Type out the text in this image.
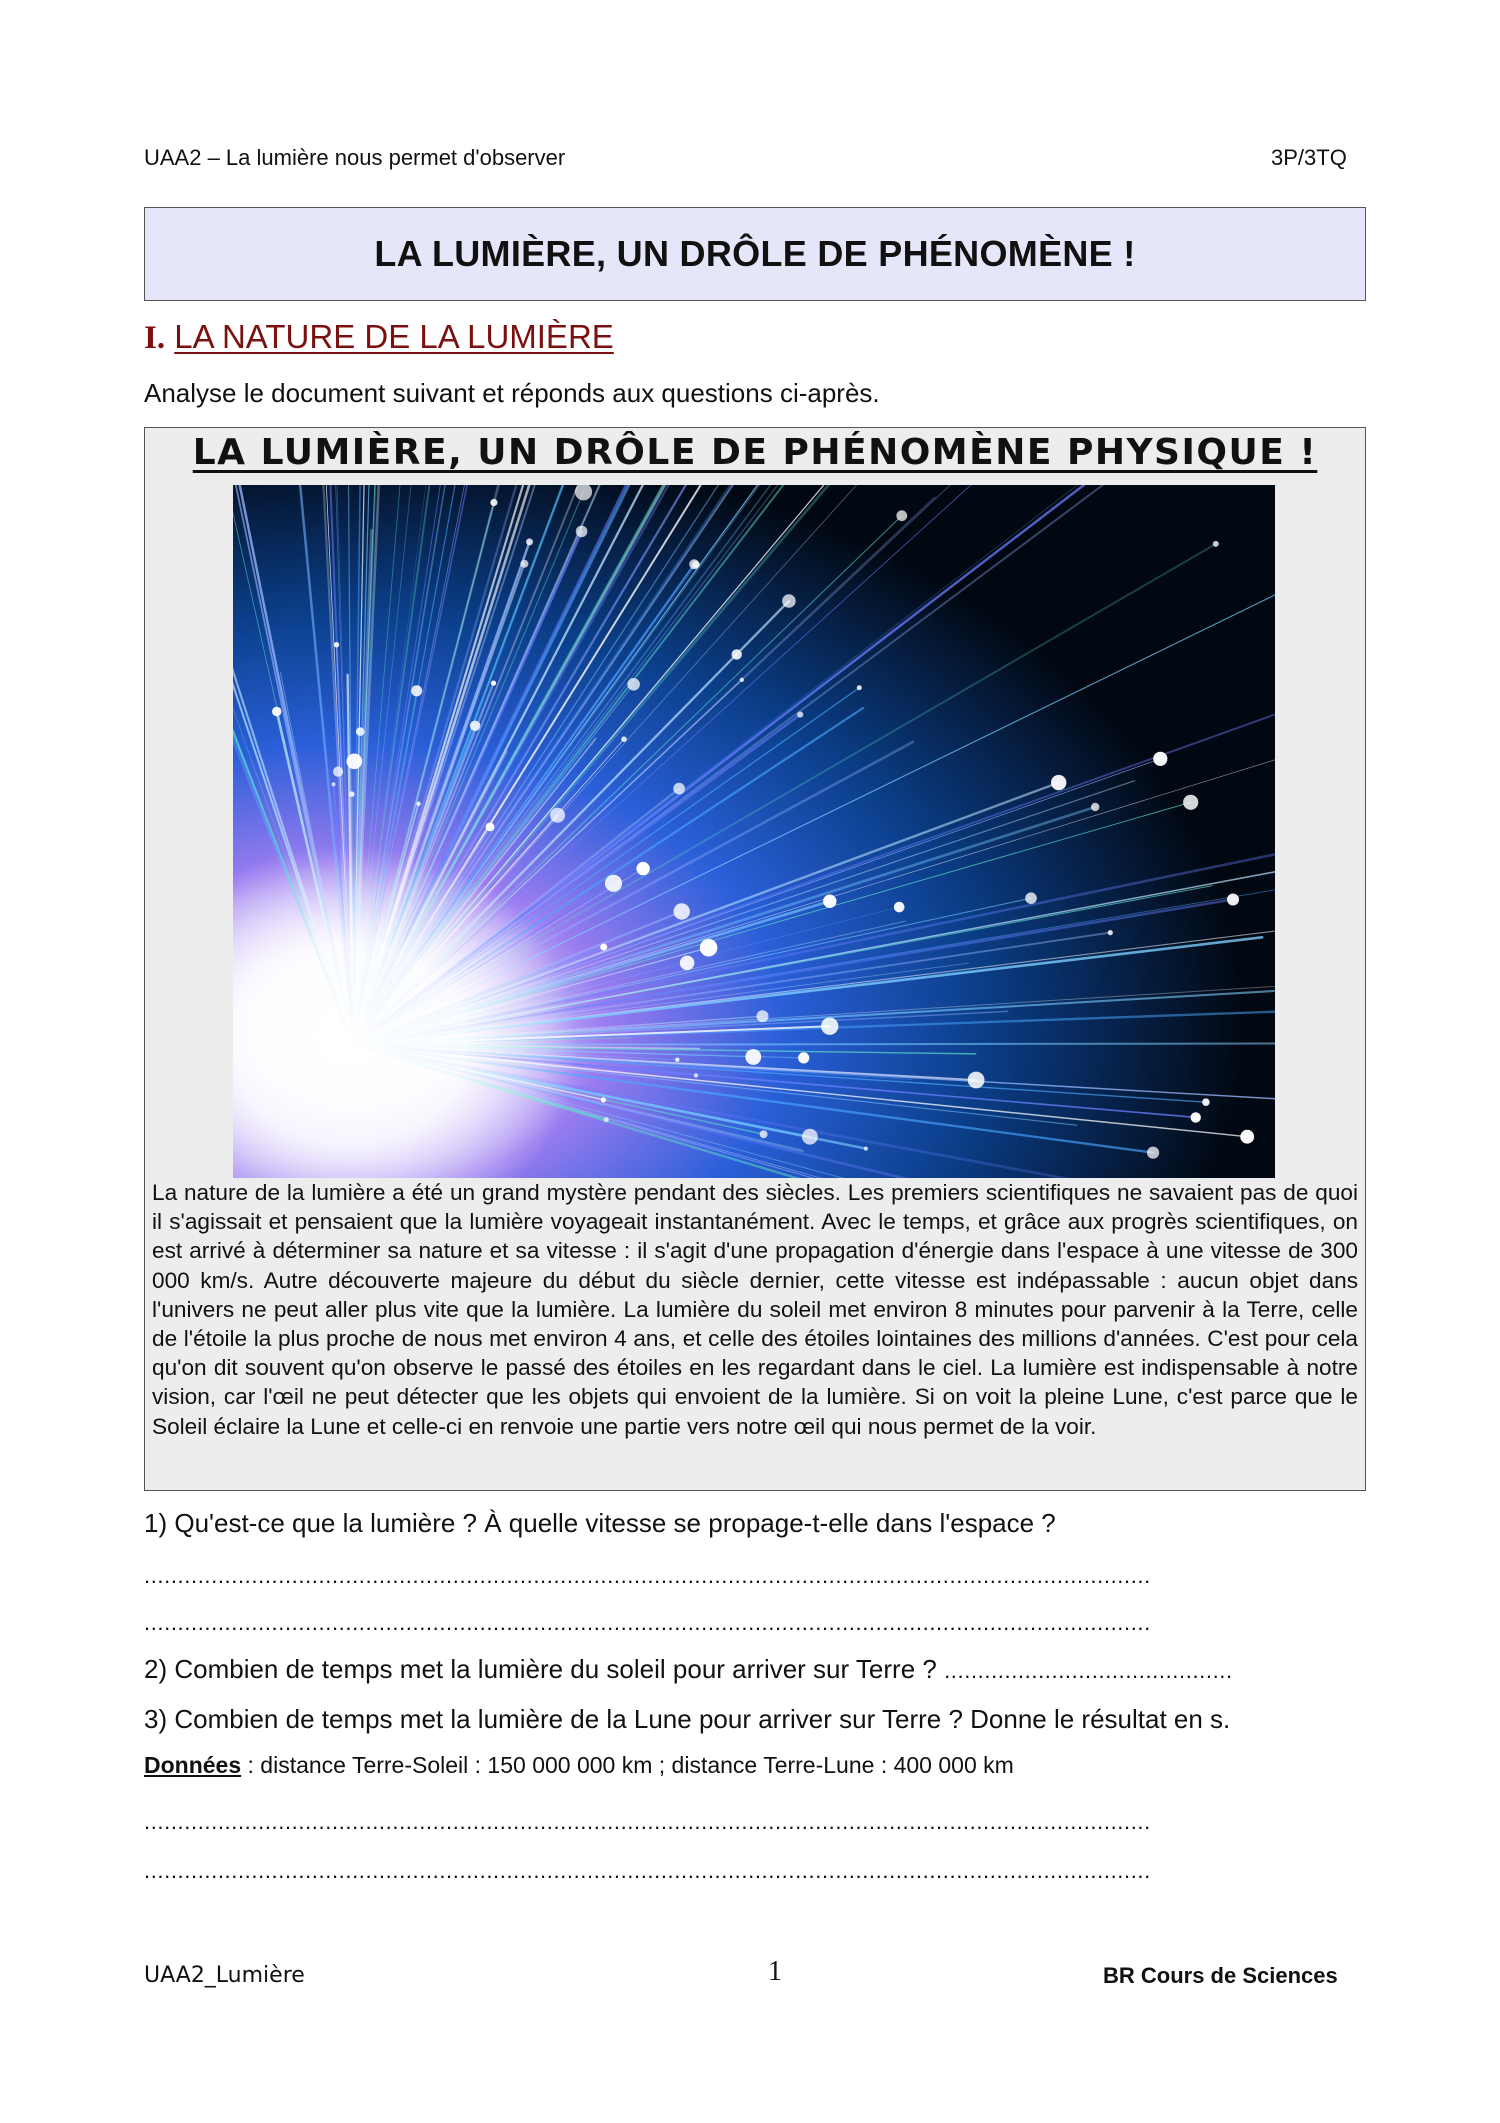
UAA2 – La lumière nous permet d'observer	3P/3TQ
LA LUMIÈRE, UN DRÔLE DE PHÉNOMÈNE !
I. LA NATURE DE LA LUMIÈRE
Analyse le document suivant et réponds aux questions ci-après.
LA LUMIÈRE, UN DRÔLE DE PHÉNOMÈNE PHYSIQUE !

La nature de la lumière a été un grand mystère pendant des siècles. Les premiers scientifiques ne savaient pas de quoi il s'agissait et pensaient que la lumière voyageait instantanément. Avec le temps, et grâce aux progrès scientifiques, on est arrivé à déterminer sa nature et sa vitesse : il s'agit d'une propagation d'énergie dans l'espace à une vitesse de 300 000 km/s. Autre découverte majeure du début du siècle dernier, cette vitesse est indépassable : aucun objet dans l'univers ne peut aller plus vite que la lumière. La lumière du soleil met environ 8 minutes pour parvenir à la Terre, celle de l'étoile la plus proche de nous met environ 4 ans, et celle des étoiles lointaines des millions d'années. C'est pour cela qu'on dit souvent qu'on observe le passé des étoiles en les regardant dans le ciel. La lumière est indispensable à notre vision, car l'œil ne peut détecter que les objets qui envoient de la lumière. Si on voit la pleine Lune, c'est parce que le Soleil éclaire la Lune et celle-ci en renvoie une partie vers notre œil qui nous permet de la voir.

1) Qu'est-ce que la lumière ? À quelle vitesse se propage-t-elle dans l'espace ?
......................................................................................................................................................
......................................................................................................................................................
2) Combien de temps met la lumière du soleil pour arriver sur Terre ? ...........................................
3) Combien de temps met la lumière de la Lune pour arriver sur Terre ? Donne le résultat en s.
Données : distance Terre-Soleil : 150 000 000 km ; distance Terre-Lune : 400 000 km
......................................................................................................................................................
......................................................................................................................................................
UAA2_Lumière	1	BR Cours de Sciences
